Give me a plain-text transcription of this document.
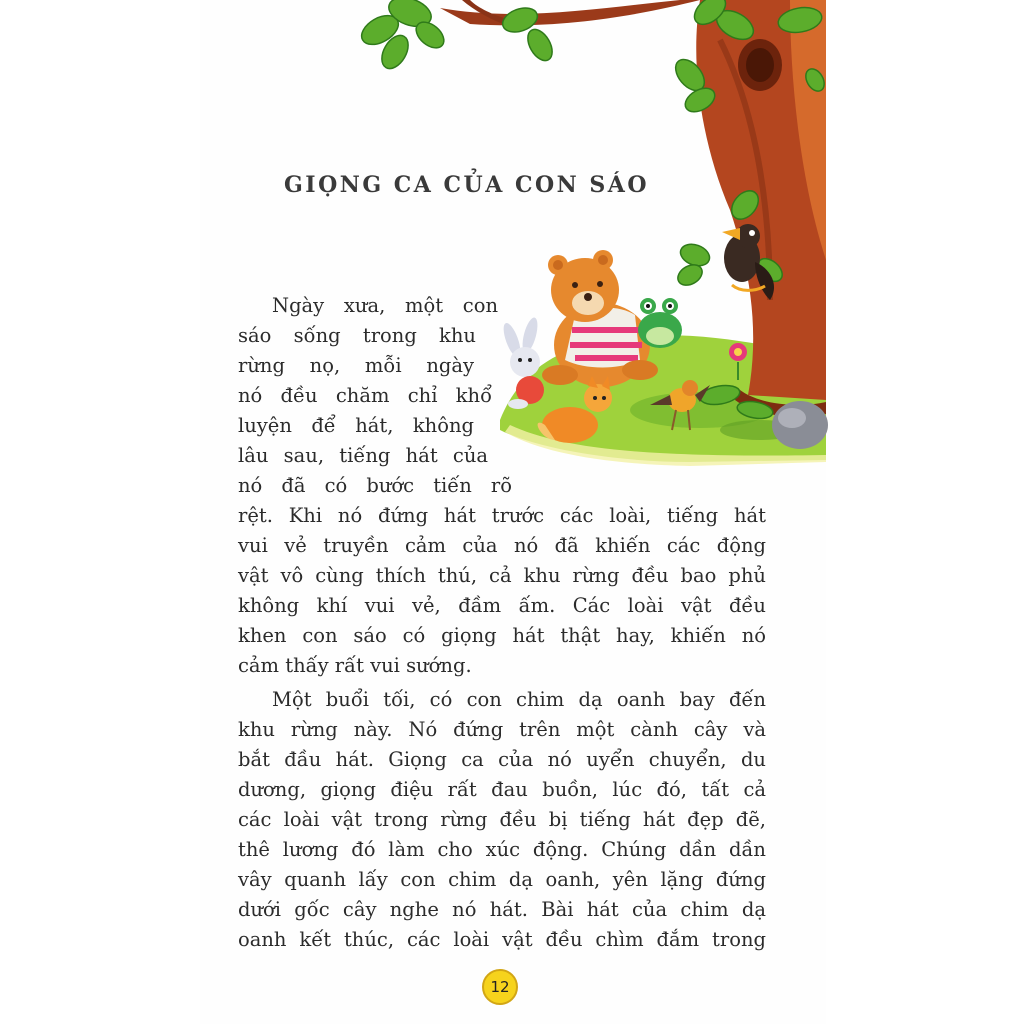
GIỌNG CA CỦA CON SÁO
Ngày xưa, một con
sáo sống trong khu
rừng nọ, mỗi ngày
nó đều chăm chỉ khổ
luyện để hát, không
lâu sau, tiếng hát của
nó đã có bước tiến rõ
rệt. Khi nó đứng hát trước các loài, tiếng hát
vui vẻ truyền cảm của nó đã khiến các động
vật vô cùng thích thú, cả khu rừng đều bao phủ
không khí vui vẻ, đầm ấm. Các loài vật đều
khen con sáo có giọng hát thật hay, khiến nó
cảm thấy rất vui sướng.
Một buổi tối, có con chim dạ oanh bay đến
khu rừng này. Nó đứng trên một cành cây và
bắt đầu hát. Giọng ca của nó uyển chuyển, du
dương, giọng điệu rất đau buồn, lúc đó, tất cả
các loài vật trong rừng đều bị tiếng hát đẹp đẽ,
thê lương đó làm cho xúc động. Chúng dần dần
vây quanh lấy con chim dạ oanh, yên lặng đứng
dưới gốc cây nghe nó hát. Bài hát của chim dạ
oanh kết thúc, các loài vật đều chìm đắm trong
12
